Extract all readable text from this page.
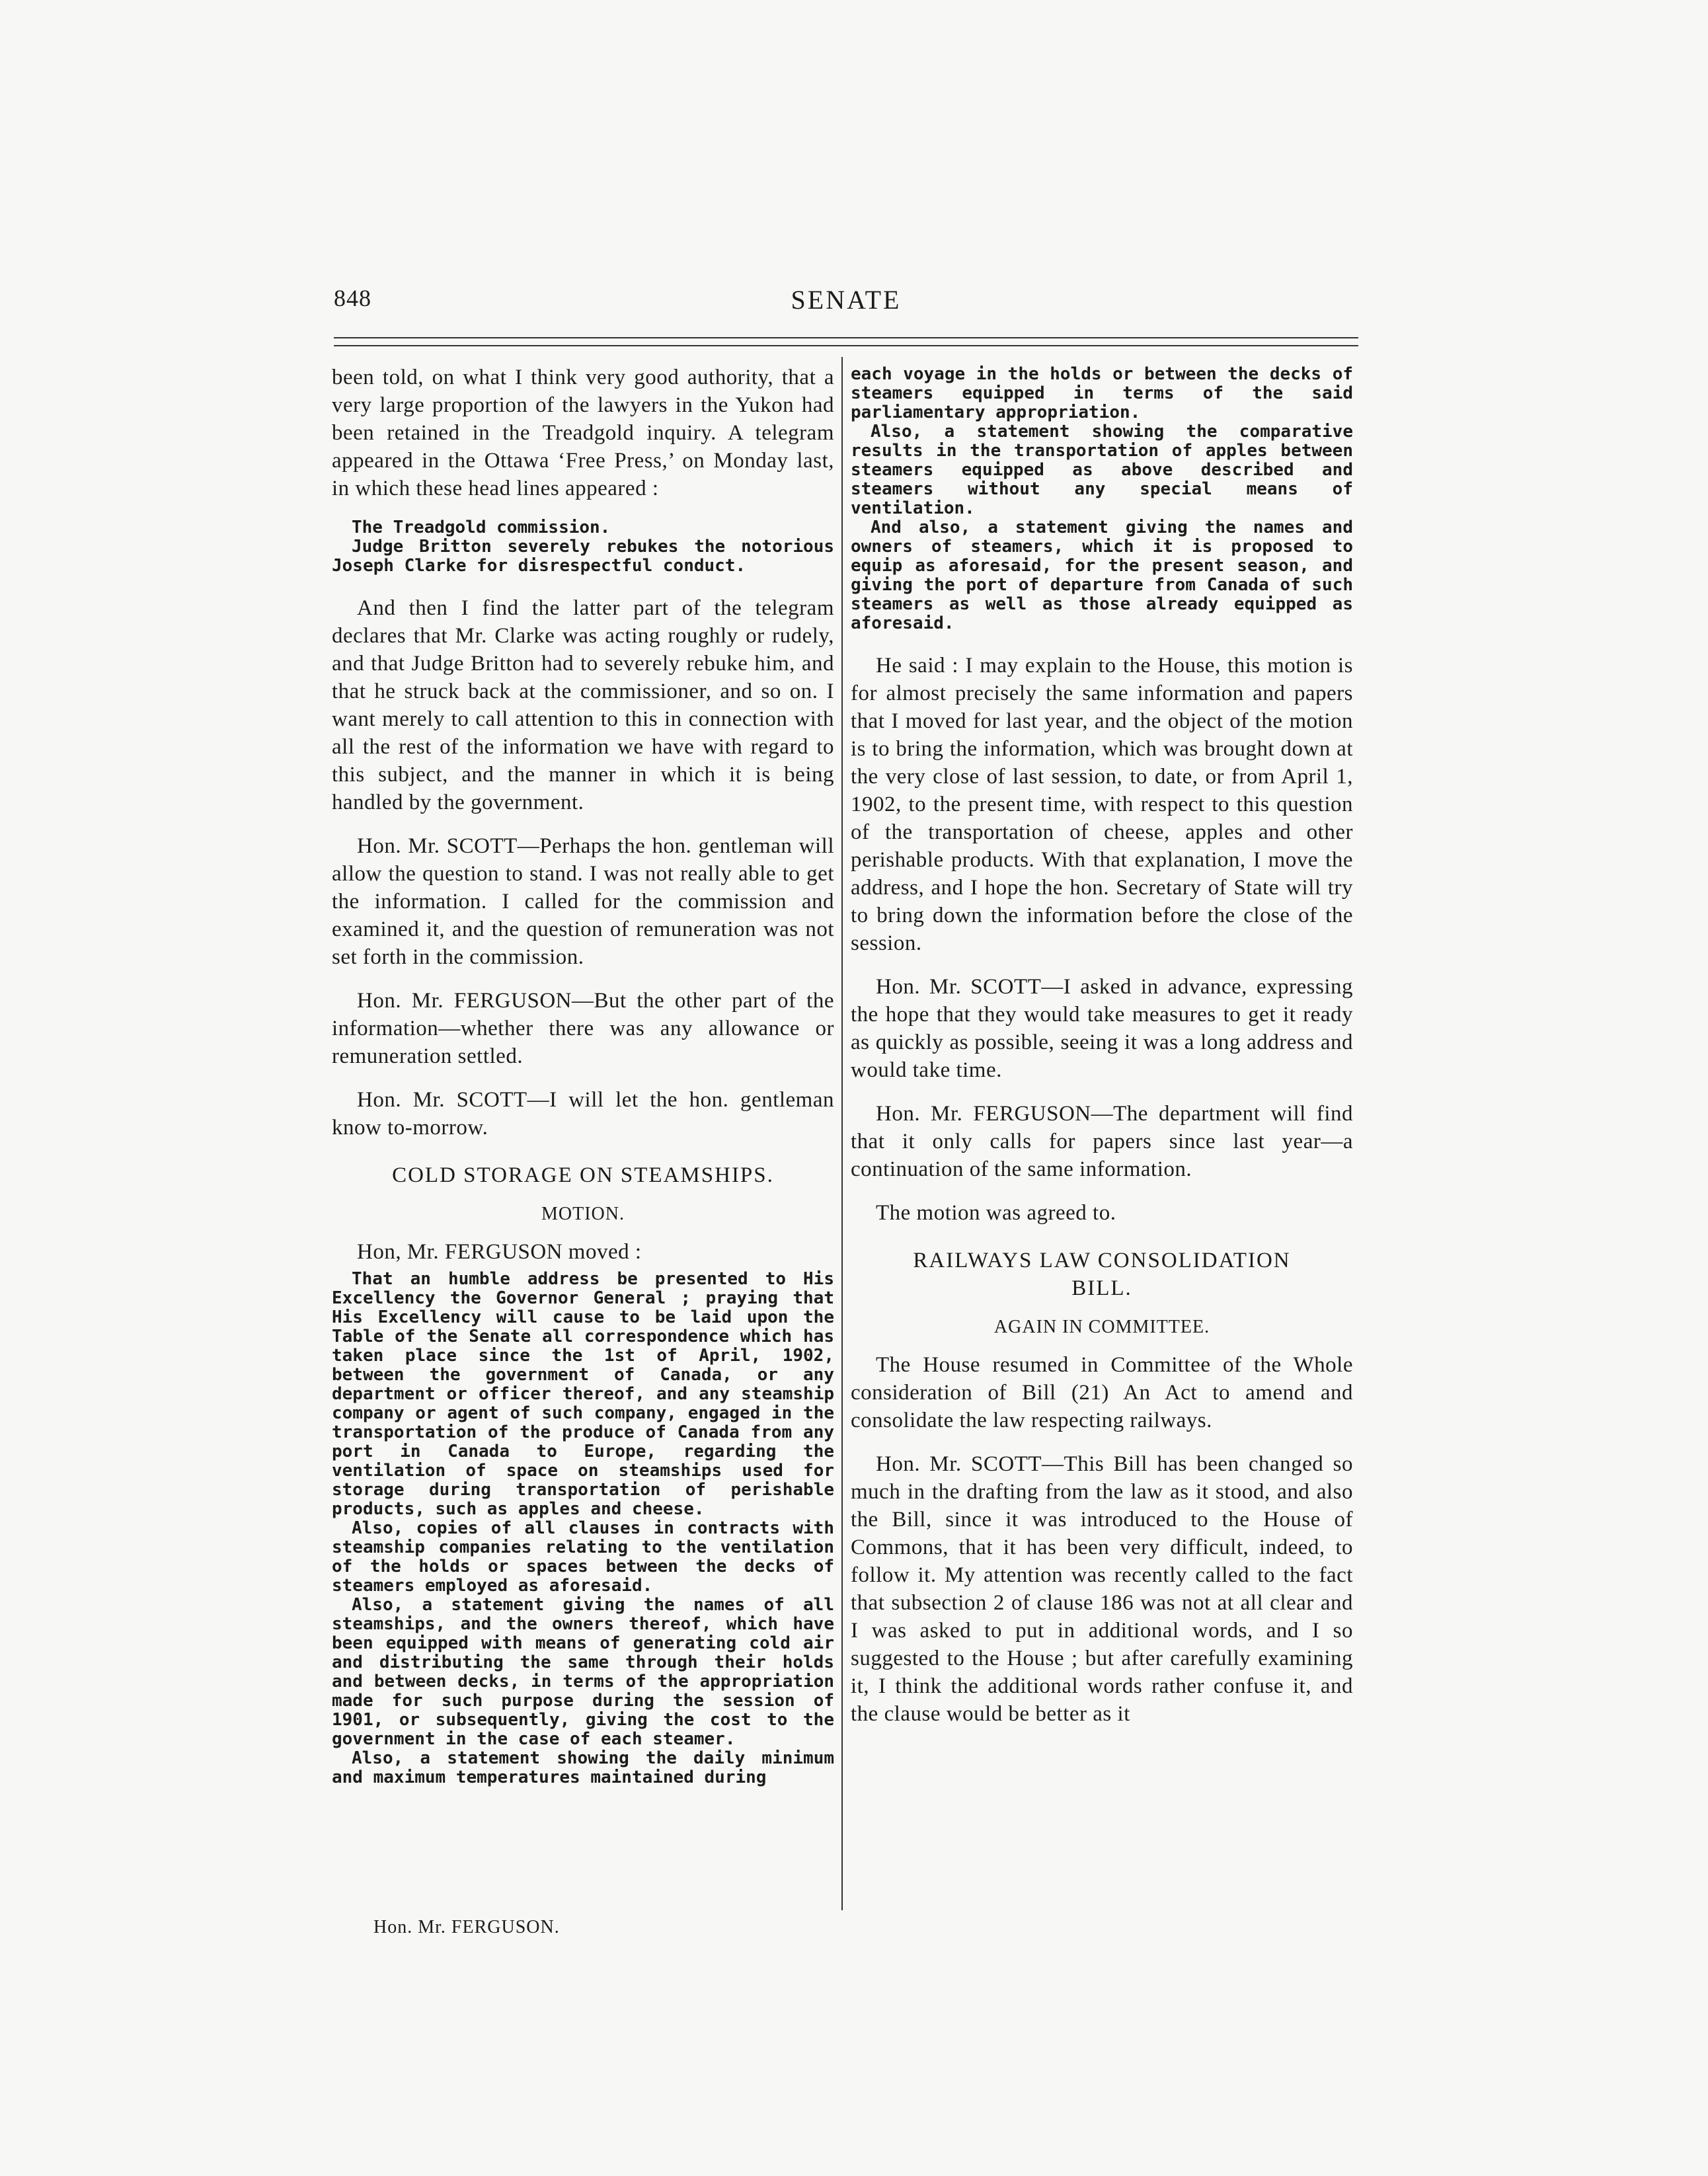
848	SENATE

been told, on what I think very good authority, that a very large proportion of the lawyers in the Yukon had been retained in the Treadgold inquiry. A telegram appeared in the Ottawa ‘Free Press,’ on Monday last, in which these head lines appeared :

The Treadgold commission.
Judge Britton severely rebukes the notorious Joseph Clarke for disrespectful conduct.

And then I find the latter part of the telegram declares that Mr. Clarke was acting roughly or rudely, and that Judge Britton had to severely rebuke him, and that he struck back at the commissioner, and so on. I want merely to call attention to this in connection with all the rest of the information we have with regard to this subject, and the manner in which it is being handled by the government.

Hon. Mr. SCOTT—Perhaps the hon. gentleman will allow the question to stand. I was not really able to get the information. I called for the commission and examined it, and the question of remuneration was not set forth in the commission.

Hon. Mr. FERGUSON—But the other part of the information—whether there was any allowance or remuneration settled.

Hon. Mr. SCOTT—I will let the hon. gentleman know to-morrow.

COLD STORAGE ON STEAMSHIPS.
MOTION.

Hon, Mr. FERGUSON moved :

That an humble address be presented to His Excellency the Governor General ; praying that His Excellency will cause to be laid upon the Table of the Senate all correspondence which has taken place since the 1st of April, 1902, between the government of Canada, or any department or officer thereof, and any steamship company or agent of such company, engaged in the transportation of the produce of Canada from any port in Canada to Europe, regarding the ventilation of space on steamships used for storage during transportation of perishable products, such as apples and cheese.
Also, copies of all clauses in contracts with steamship companies relating to the ventilation of the holds or spaces between the decks of steamers employed as aforesaid.
Also, a statement giving the names of all steamships, and the owners thereof, which have been equipped with means of generating cold air and distributing the same through their holds and between decks, in terms of the appropriation made for such purpose during the session of 1901, or subsequently, giving the cost to the government in the case of each steamer.
Also, a statement showing the daily minimum and maximum temperatures maintained during
each voyage in the holds or between the decks of steamers equipped in terms of the said parliamentary appropriation.
Also, a statement showing the comparative results in the transportation of apples between steamers equipped as above described and steamers without any special means of ventilation.
And also, a statement giving the names and owners of steamers, which it is proposed to equip as aforesaid, for the present season, and giving the port of departure from Canada of such steamers as well as those already equipped as aforesaid.

He said : I may explain to the House, this motion is for almost precisely the same information and papers that I moved for last year, and the object of the motion is to bring the information, which was brought down at the very close of last session, to date, or from April 1, 1902, to the present time, with respect to this question of the transportation of cheese, apples and other perishable products. With that explanation, I move the address, and I hope the hon. Secretary of State will try to bring down the information before the close of the session.

Hon. Mr. SCOTT—I asked in advance, expressing the hope that they would take measures to get it ready as quickly as possible, seeing it was a long address and would take time.

Hon. Mr. FERGUSON—The department will find that it only calls for papers since last year—a continuation of the same information.

The motion was agreed to.

RAILWAYS LAW CONSOLIDATION BILL.
AGAIN IN COMMITTEE.

The House resumed in Committee of the Whole consideration of Bill (21) An Act to amend and consolidate the law respecting railways.

Hon. Mr. SCOTT—This Bill has been changed so much in the drafting from the law as it stood, and also the Bill, since it was introduced to the House of Commons, that it has been very difficult, indeed, to follow it. My attention was recently called to the fact that subsection 2 of clause 186 was not at all clear and I was asked to put in additional words, and I so suggested to the House ; but after carefully examining it, I think the additional words rather confuse it, and the clause would be better as it

Hon. Mr. FERGUSON.
